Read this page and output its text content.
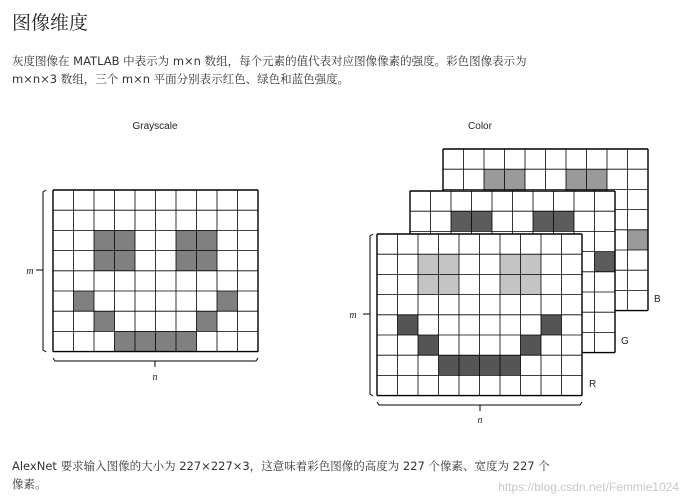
图像维度

灰度图像在 MATLAB 中表示为 m×n 数组，每个元素的值代表对应图像像素的强度。彩色图像表示为
m×n×3 数组，三个 m×n 平面分别表示红色、绿色和蓝色强度。

Grayscale	Color
m
n
B
G
R
m
n

AlexNet 要求输入图像的大小为 227×227×3，这意味着彩色图像的高度为 227 个像素、宽度为 227 个
像素。	https://blog.csdn.net/Femmie1024
